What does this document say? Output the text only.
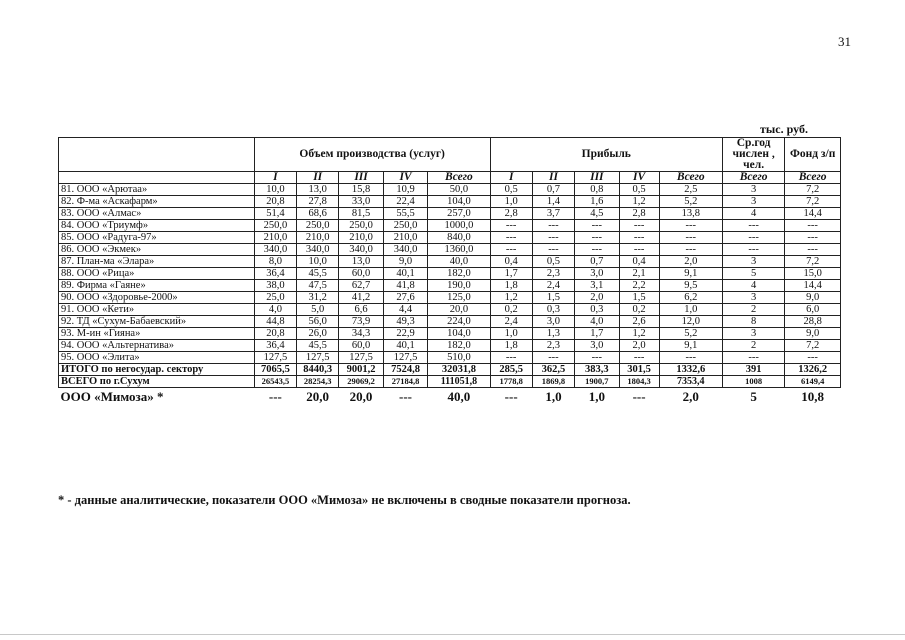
31
тыс. руб.
	Объем производства (услуг)					Прибыль					Ср.год числен , чел.	Фонд з/п
	I	II	III	IV	Всего	I	II	III	IV	Всего	Всего	Всего
81. ООО «Арютаа»	10,0	13,0	15,8	10,9	50,0	0,5	0,7	0,8	0,5	2,5	3	7,2
82. Ф-ма «Аскафарм»	20,8	27,8	33,0	22,4	104,0	1,0	1,4	1,6	1,2	5,2	3	7,2
83. ООО «Алмас»	51,4	68,6	81,5	55,5	257,0	2,8	3,7	4,5	2,8	13,8	4	14,4
84. ООО «Триумф»	250,0	250,0	250,0	250,0	1000,0	---	---	---	---	---	---	---
85. ООО «Радуга-97»	210,0	210,0	210,0	210,0	840,0	---	---	---	---	---	---	---
86. ООО «Экмек»	340,0	340,0	340,0	340,0	1360,0	---	---	---	---	---	---	---
87. План-ма «Элара»	8,0	10,0	13,0	9,0	40,0	0,4	0,5	0,7	0,4	2,0	3	7,2
88. ООО «Рица»	36,4	45,5	60,0	40,1	182,0	1,7	2,3	3,0	2,1	9,1	5	15,0
89. Фирма «Гаяне»	38,0	47,5	62,7	41,8	190,0	1,8	2,4	3,1	2,2	9,5	4	14,4
90. ООО «Здоровье-2000»	25,0	31,2	41,2	27,6	125,0	1,2	1,5	2,0	1,5	6,2	3	9,0
91. ООО «Кети»	4,0	5,0	6,6	4,4	20,0	0,2	0,3	0,3	0,2	1,0	2	6,0
92. ТД «Сухум-Бабаевский»	44,8	56,0	73,9	49,3	224,0	2,4	3,0	4,0	2,6	12,0	8	28,8
93. М-ин «Гияна»	20,8	26,0	34,3	22,9	104,0	1,0	1,3	1,7	1,2	5,2	3	9,0
94. ООО «Альтернатива»	36,4	45,5	60,0	40,1	182,0	1,8	2,3	3,0	2,0	9,1	2	7,2
95. ООО «Элита»	127,5	127,5	127,5	127,5	510,0	---	---	---	---	---	---	---
ИТОГО по негосудар. сектору	7065,5	8440,3	9001,2	7524,8	32031,8	285,5	362,5	383,3	301,5	1332,6	391	1326,2
ВСЕГО по г.Сухум	26543,5	28254,3	29069,2	27184,8	111051,8	1778,8	1869,8	1900,7	1804,3	7353,4	1008	6149,4
ООО «Мимоза» *	---	20,0	20,0	---	40,0	---	1,0	1,0	---	2,0	5	10,8
* - данные аналитические, показатели ООО «Мимоза» не включены в сводные показатели прогноза.
